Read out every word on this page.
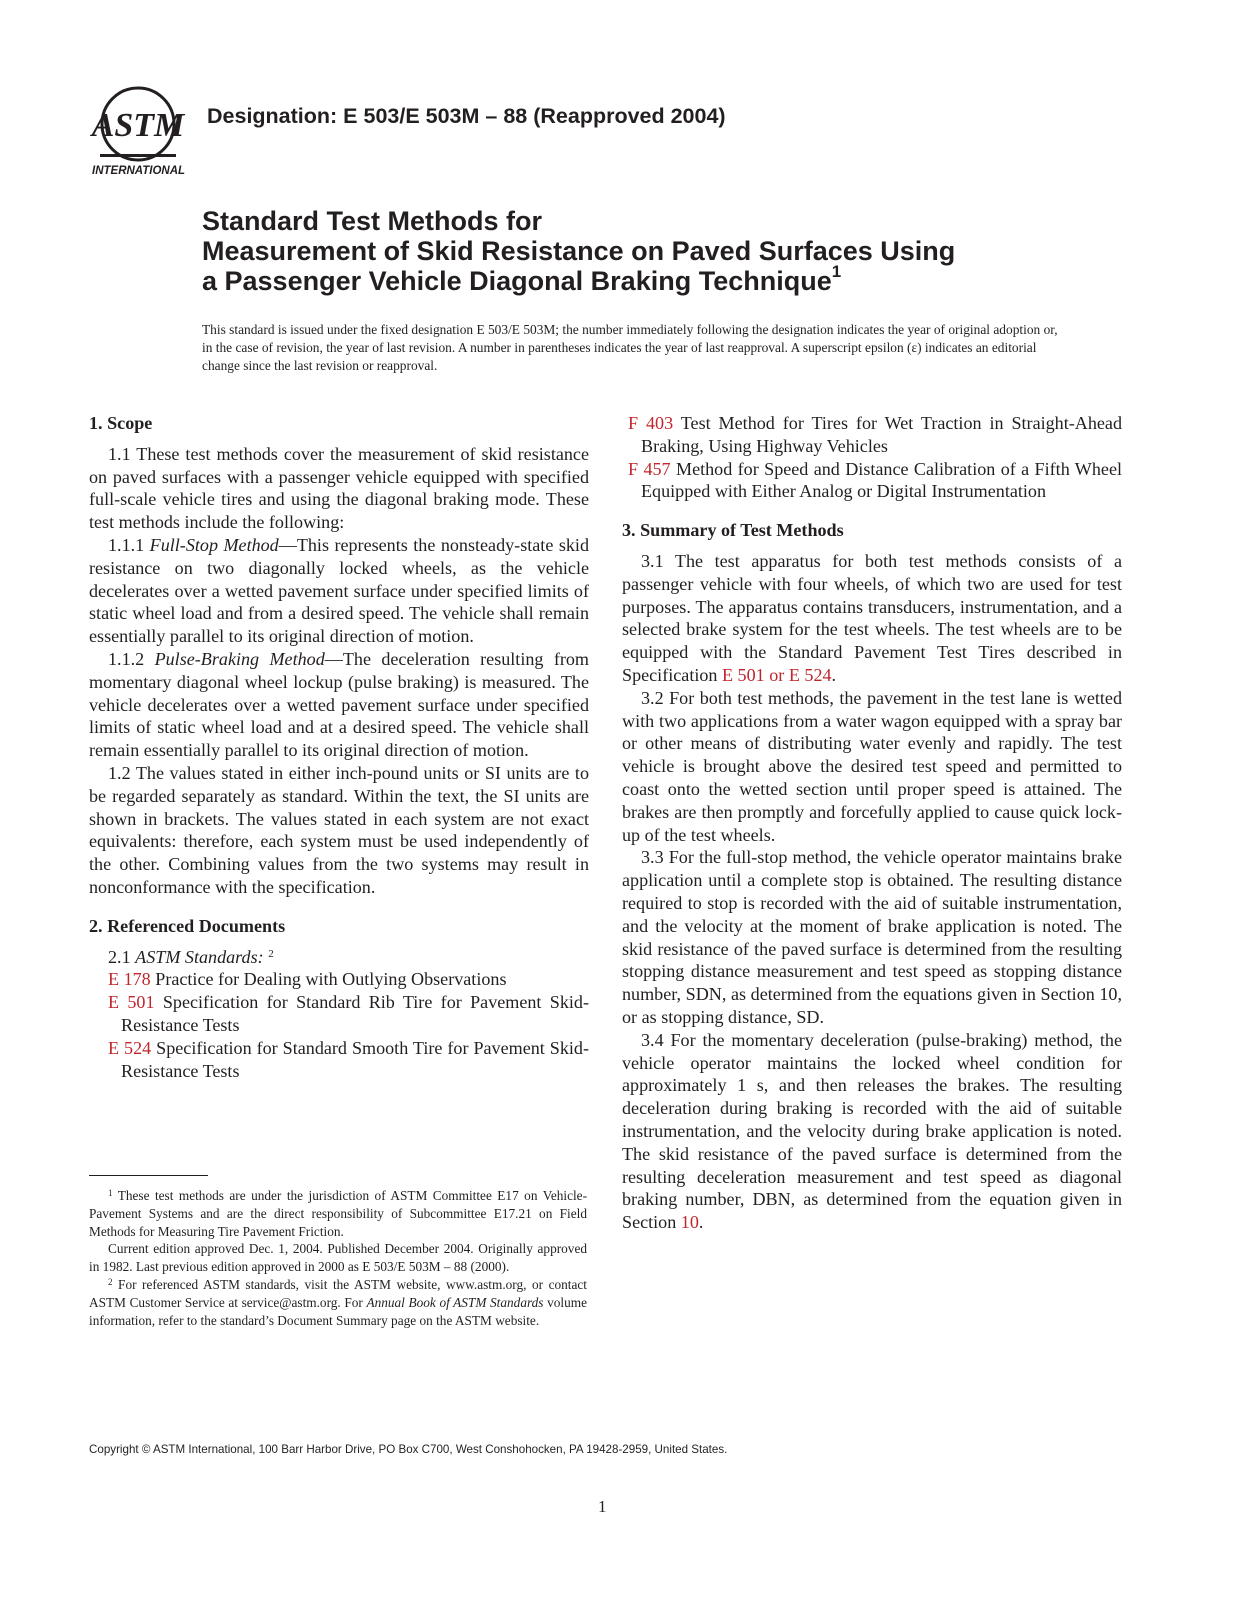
ASTM
INTERNATIONAL
Designation: E 503/E 503M – 88 (Reapproved 2004)
Standard Test Methods for
Measurement of Skid Resistance on Paved Surfaces Using
a Passenger Vehicle Diagonal Braking Technique$^1$
This standard is issued under the fixed designation E 503/E 503M; the number immediately following the designation indicates the year of original adoption or, in the case of revision, the year of last revision. A number in parentheses indicates the year of last reapproval. A superscript epsilon (ε) indicates an editorial change since the last revision or reapproval.

1. Scope

1.1 These test methods cover the measurement of skid resistance on paved surfaces with a passenger vehicle equipped with specified full-scale vehicle tires and using the diagonal braking mode. These test methods include the following:

1.1.1 Full-Stop Method—This represents the nonsteady-state skid resistance on two diagonally locked wheels, as the vehicle decelerates over a wetted pavement surface under specified limits of static wheel load and from a desired speed. The vehicle shall remain essentially parallel to its original direction of motion.

1.1.2 Pulse-Braking Method—The deceleration resulting from momentary diagonal wheel lockup (pulse braking) is measured. The vehicle decelerates over a wetted pavement surface under specified limits of static wheel load and at a desired speed. The vehicle shall remain essentially parallel to its original direction of motion.

1.2 The values stated in either inch-pound units or SI units are to be regarded separately as standard. Within the text, the SI units are shown in brackets. The values stated in each system are not exact equivalents: therefore, each system must be used independently of the other. Combining values from the two systems may result in nonconformance with the specification.

2. Referenced Documents

2.1 ASTM Standards: $^2$

E 178 Practice for Dealing with Outlying Observations

E 501 Specification for Standard Rib Tire for Pavement Skid-Resistance Tests

E 524 Specification for Standard Smooth Tire for Pavement Skid-Resistance Tests

F 403 Test Method for Tires for Wet Traction in Straight-Ahead Braking, Using Highway Vehicles

F 457 Method for Speed and Distance Calibration of a Fifth Wheel Equipped with Either Analog or Digital Instrumentation

3. Summary of Test Methods

3.1 The test apparatus for both test methods consists of a passenger vehicle with four wheels, of which two are used for test purposes. The apparatus contains transducers, instrumentation, and a selected brake system for the test wheels. The test wheels are to be equipped with the Standard Pavement Test Tires described in Specification E 501 or E 524.

3.2 For both test methods, the pavement in the test lane is wetted with two applications from a water wagon equipped with a spray bar or other means of distributing water evenly and rapidly. The test vehicle is brought above the desired test speed and permitted to coast onto the wetted section until proper speed is attained. The brakes are then promptly and forcefully applied to cause quick lock-up of the test wheels.

3.3 For the full-stop method, the vehicle operator maintains brake application until a complete stop is obtained. The resulting distance required to stop is recorded with the aid of suitable instrumentation, and the velocity at the moment of brake application is noted. The skid resistance of the paved surface is determined from the resulting stopping distance measurement and test speed as stopping distance number, SDN, as determined from the equations given in Section 10, or as stopping distance, SD.

3.4 For the momentary deceleration (pulse-braking) method, the vehicle operator maintains the locked wheel condition for approximately 1 s, and then releases the brakes. The resulting deceleration during braking is recorded with the aid of suitable instrumentation, and the velocity during brake application is noted. The skid resistance of the paved surface is determined from the resulting deceleration measurement and test speed as diagonal braking number, DBN, as determined from the equation given in Section 10.

$^1$ These test methods are under the jurisdiction of ASTM Committee E17 on Vehicle-Pavement Systems and are the direct responsibility of Subcommittee E17.21 on Field Methods for Measuring Tire Pavement Friction.

Current edition approved Dec. 1, 2004. Published December 2004. Originally approved in 1982. Last previous edition approved in 2000 as E 503/E 503M – 88 (2000).

$^2$ For referenced ASTM standards, visit the ASTM website, www.astm.org, or contact ASTM Customer Service at service@astm.org. For Annual Book of ASTM Standards volume information, refer to the standard’s Document Summary page on the ASTM website.

Copyright © ASTM International, 100 Barr Harbor Drive, PO Box C700, West Conshohocken, PA 19428-2959, United States.
1
